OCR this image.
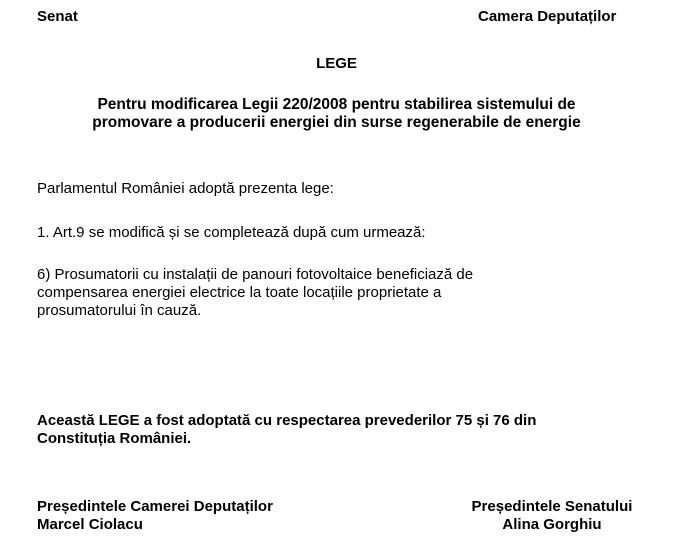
Senat	Camera Deputaților
LEGE
Pentru modificarea Legii 220/2008 pentru stabilirea sistemului de
promovare a producerii energiei din surse regenerabile de energie
Parlamentul României adoptă prezenta lege:
1. Art.9 se modifică și se completează după cum urmează:
6) Prosumatorii cu instalații de panouri fotovoltaice beneficiază de
compensarea energiei electrice la toate locațiile proprietate a
prosumatorului în cauză.
Această LEGE a fost adoptată cu respectarea prevederilor 75 și 76 din
Constituția României.
Președintele Camerei Deputaților
Marcel Ciolacu
Președintele Senatului
Alina Gorghiu
